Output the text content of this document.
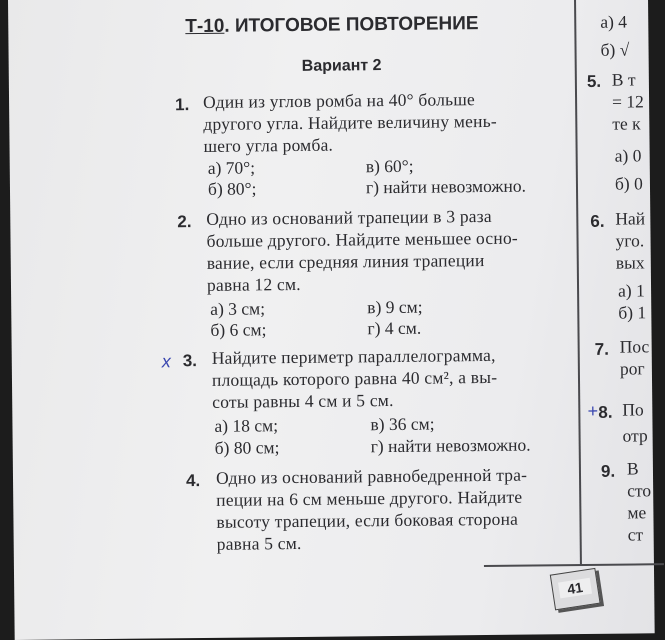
Т-10. ИТОГОВОЕ ПОВТОРЕНИЕ
Вариант 2
1. Один из углов ромба на 40° больше
другого угла. Найдите величину мень-
шего угла ромба.
а) 70°;	в) 60°;
б) 80°;	г) найти невозможно.
2. Одно из оснований трапеции в 3 раза
больше другого. Найдите меньшее осно-
вание, если средняя линия трапеции
равна 12 см.
а) 3 см;	в) 9 см;
б) 6 см;	г) 4 см.
x 3. Найдите периметр параллелограмма,
площадь которого равна 40 см², а вы-
соты равны 4 см и 5 см.
а) 18 см;	в) 36 см;
б) 80 см;	г) найти невозможно.
4. Одно из оснований равнобедренной тра-
пеции на 6 см меньше другого. Найдите
высоту трапеции, если боковая сторона
равна 5 см.
а) 4
б) √
5. В т
= 12
те к
а) 0
б) 0
6. Най
уго.
вых
а) 1
б) 1
7. Пос
рог
+ 8. По
отр
9. В
сто
ме
ст
41
